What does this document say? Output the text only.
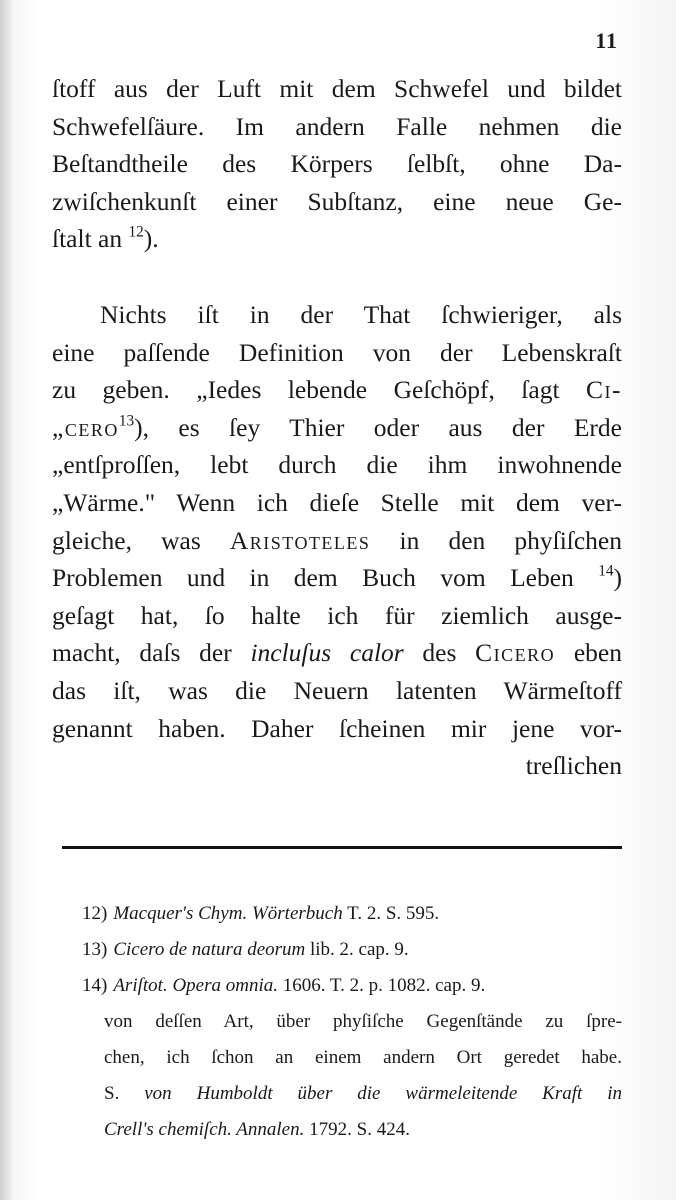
11
ſtoff aus der Luft mit dem Schwefel und bildet
Schwefelſäure. Im andern Falle nehmen die
Beſtandtheile des Körpers ſelbſt, ohne Da-
zwiſchenkunſt einer Subſtanz, eine neue Ge-
ſtalt an $^{12}$).
Nichts iſt in der That ſchwieriger, als
eine paſſende Definition von der Lebenskraſt
zu geben. „Iedes lebende Geſchöpf, ſagt Ci-
„cero$^{13}$), es ſey Thier oder aus der Erde
„entſproſſen, lebt durch die ihm inwohnende
„Wärme." Wenn ich dieſe Stelle mit dem ver-
gleiche, was Aristoteles in den phyſiſchen
Problemen und in dem Buch vom Leben $^{14}$)
geſagt hat, ſo halte ich für ziemlich ausge-
macht, daſs der incluſus calor des Cicero eben
das iſt, was die Neuern latenten Wärmeſtoff
genannt haben. Daher ſcheinen mir jene vor-
treſlichen
12) Macquer's Chym. Wörterbuch T. 2. S. 595.
13) Cicero de natura deorum lib. 2. cap. 9.
14) Ariſtot. Opera omnia. 1606. T. 2. p. 1082. cap. 9.
von deſſen Art, über phyſiſche Gegenſtände zu ſpre-
chen, ich ſchon an einem andern Ort geredet habe.
S. von Humboldt über die wärmeleitende Kraft in
Crell's chemiſch. Annalen. 1792. S. 424.
